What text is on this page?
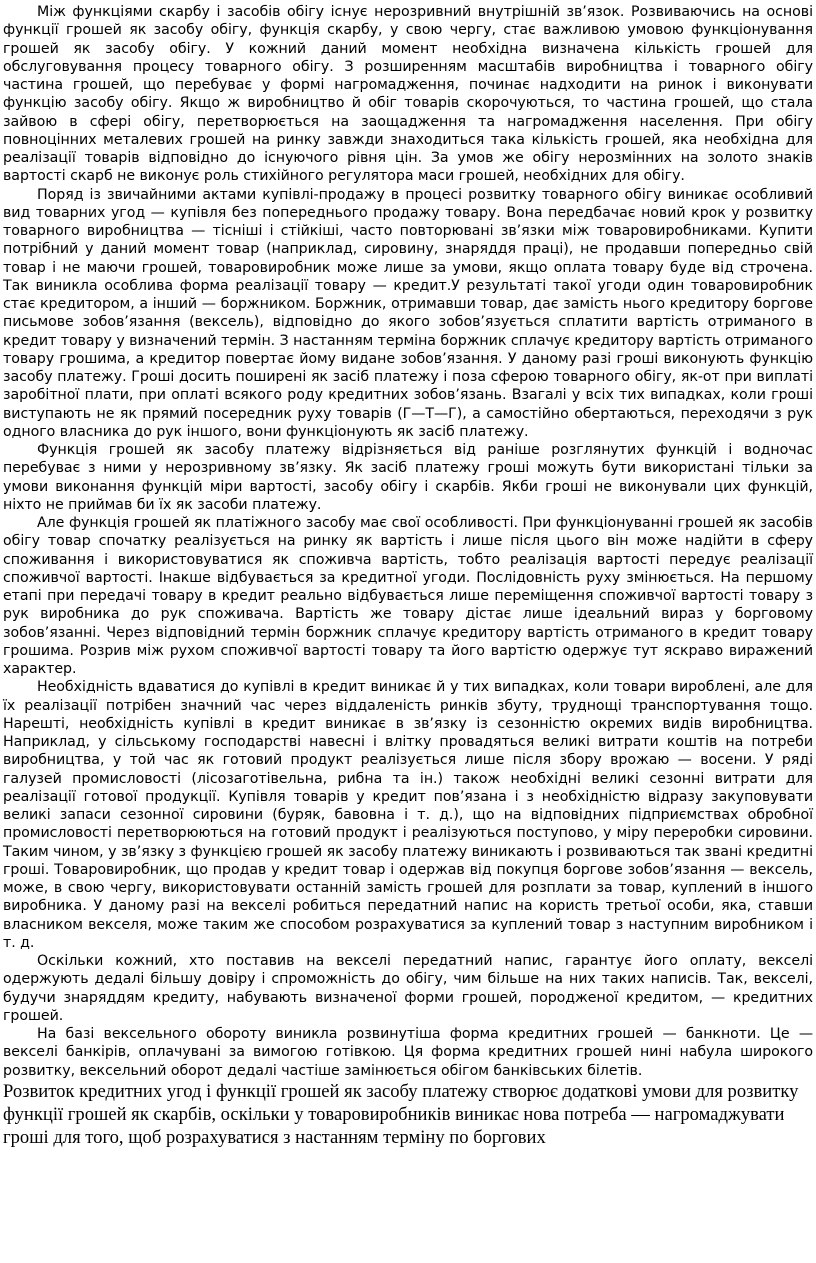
Між функціями скарбу і засобів обігу існує нерозривний внутрішній зв’язок. Розвиваючись на основі функції грошей як засобу обігу, функція скарбу, у свою чергу, стає важливою умовою функціонування грошей як засобу обігу. У кожний даний момент необхідна визначена кількість грошей для обслуговування процесу товарного обігу. З розширенням масштабів виробництва і товарного обігу частина грошей, що перебуває у формі нагромадження, починає надходити на ринок і виконувати функцію засобу обігу. Якщо ж виробництво й обіг товарів скорочуються, то частина грошей, що стала зайвою в сфері обігу, перетворюється на заощадження та нагромадження населення. При обігу повноцінних металевих грошей на ринку завжди знаходиться така кількість грошей, яка необхідна для реалізації товарів відповідно до існуючого рівня цін. За умов же обігу нерозмінних на золото знаків вартості скарб не виконує роль стихійного регулятора маси грошей, необхідних для обігу.

Поряд із звичайними актами купівлі-продажу в процесі розвитку товарного обігу виникає особливий вид товарних угод — купівля без попереднього продажу товару. Вона передбачає новий крок у розвитку товарного виробництва — тісніші і стійкіші, часто повторювані зв’язки між товаровиробниками. Купити потрібний у даний момент товар (наприклад, сировину, знаряддя праці), не продавши попередньо свій товар і не маючи грошей, товаровиробник може лише за умови, якщо оплата товару буде від строчена. Так виникла особлива форма реалізації товару — кредит.У результаті такої угоди один товаровиробник стає кредитором, а інший — боржником. Боржник, отримавши товар, дає замість нього кредитору боргове письмове зобов’язання (вексель), відповідно до якого зобов’язується сплатити вартість отриманого в кредит товару у визначений термін. З настанням терміна боржник сплачує кредитору вартість отриманого товару грошима, а кредитор повертає йому видане зобов’язання. У даному разі гроші виконують функцію засобу платежу. Гроші досить поширені як засіб платежу і поза сферою товарного обігу, як-от при виплаті заробітної плати, при оплаті всякого роду кредитних зобов’язань. Взагалі у всіх тих випадках, коли гроші виступають не як прямий посередник руху товарів (Г—Т—Г), а самостійно обертаються, переходячи з рук одного власника до рук іншого, вони функціонують як засіб платежу.

Функція грошей як засобу платежу відрізняється від раніше розглянутих функцій і водночас перебуває з ними у нерозривному зв’язку. Як засіб платежу гроші можуть бути використані тільки за умови виконання функцій міри вартості, засобу обігу і скарбів. Якби гроші не виконували цих функцій, ніхто не приймав би їх як засоби платежу.

Але функція грошей як платіжного засобу має свої особливості. При функціонуванні грошей як засобів обігу товар спочатку реалізується на ринку як вартість і лише після цього він може надійти в сферу споживання і використовуватися як споживча вартість, тобто реалізація вартості передує реалізації споживчої вартості. Інакше відбувається за кредитної угоди. Послідовність руху змінюється. На першому етапі при передачі товару в кредит реально відбувається лише переміщення споживчої вартості товару з рук виробника до рук споживача. Вартість же товару дістає лише ідеальний вираз у борговому зобов’язанні. Через відповідний термін боржник сплачує кредитору вартість отриманого в кредит товару грошима. Розрив між рухом споживчої вартості товару та його вартістю одержує тут яскраво виражений характер.

Необхідність вдаватися до купівлі в кредит виникає й у тих випадках, коли товари вироблені, але для їх реалізації потрібен значний час через віддаленість ринків збуту, труднощі транспортування тощо. Нарешті, необхідність купівлі в кредит виникає в зв’язку із сезонністю окремих видів виробництва. Наприклад, у сільському господарстві навесні і влітку провадяться великі витрати коштів на потреби виробництва, у той час як готовий продукт реалізується лише після збору врожаю — восени. У ряді галузей промисловості (лісозаготівельна, рибна та ін.) також необхідні великі сезонні витрати для реалізації готової продукції. Купівля товарів у кредит пов’язана і з необхідністю відразу закуповувати великі запаси сезонної сировини (буряк, бавовна і т. д.), що на відповідних підприємствах обробної промисловості перетворюються на готовий продукт і реалізуються поступово, у міру переробки сировини. Таким чином, у зв’язку з функцією грошей як засобу платежу виникають і розвиваються так звані кредитні гроші. Товаровиробник, що продав у кредит товар і одержав від покупця боргове зобов’язання — вексель, може, в свою чергу, використовувати останній замість грошей для розплати за товар, куплений в іншого виробника. У даному разі на векселі робиться передатний напис на користь третьої особи, яка, ставши власником векселя, може таким же способом розрахуватися за куплений товар з наступним виробником і т. д.

Оскільки кожний, хто поставив на векселі передатний напис, гарантує його оплату, векселі одержують дедалі більшу довіру і спроможність до обігу, чим більше на них таких написів. Так, векселі, будучи знаряддям кредиту, набувають визначеної форми грошей, породженої кредитом, — кредитних грошей.

На базі вексельного обороту виникла розвинутіша форма кредитних грошей — банкноти. Це — векселі банкірів, оплачувані за вимогою готівкою. Ця форма кредитних грошей нині набула широкого розвитку, вексельний оборот дедалі частіше замінюється обігом банківських білетів.

Розвиток кредитних угод і функції грошей як засобу платежу створює додаткові умови для розвитку функції грошей як скарбів, оскільки у товаровиробників виникає нова потреба — нагромаджувати гроші для того, щоб розрахуватися з настанням терміну по боргових
